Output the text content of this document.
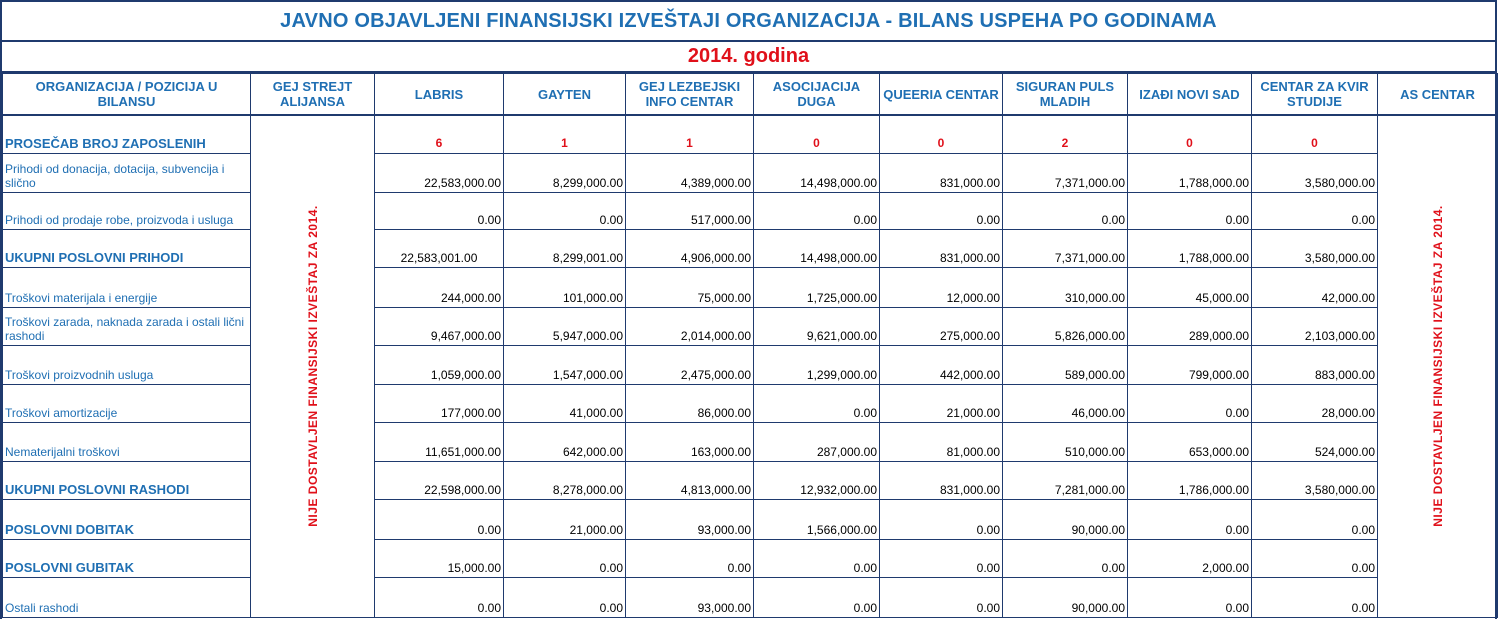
JAVNO OBJAVLJENI FINANSIJSKI IZVEŠTAJI ORGANIZACIJA - BILANS USPEHA PO GODINAMA
2014. godina
ORGANIZACIJA / POZICIJA U BILANSU	GEJ STREJT ALIJANSA	LABRIS	GAYTEN	GEJ LEZBEJSKI INFO CENTAR	ASOCIJACIJA DUGA	QUEERIA CENTAR	SIGURAN PULS MLADIH	IZAĐI NOVI SAD	CENTAR ZA KVIR STUDIJE	AS CENTAR
PROSEČAB BROJ ZAPOSLENIH	NIJE DOSTAVLJEN FINANSIJSKI IZVEŠTAJ ZA 2014.	6	1	1	0	0	2	0	0	NIJE DOSTAVLJEN FINANSIJSKI IZVEŠTAJ ZA 2014.

Prihodi od donacija, dotacija, subvencija i slično		22,583,000.00	8,299,000.00	4,389,000.00	14,498,000.00	831,000.00	7,371,000.00	1,788,000.00	3,580,000.00	
Prihodi od prodaje robe, proizvoda i usluga		0.00	0.00	517,000.00	0.00	0.00	0.00	0.00	0.00	
UKUPNI POSLOVNI PRIHODI		22,583,001.00	8,299,001.00	4,906,000.00	14,498,000.00	831,000.00	7,371,000.00	1,788,000.00	3,580,000.00	
Troškovi materijala i energije		244,000.00	101,000.00	75,000.00	1,725,000.00	12,000.00	310,000.00	45,000.00	42,000.00	
Troškovi zarada, naknada zarada i ostali lični rashodi		9,467,000.00	5,947,000.00	2,014,000.00	9,621,000.00	275,000.00	5,826,000.00	289,000.00	2,103,000.00	
Troškovi proizvodnih usluga		1,059,000.00	1,547,000.00	2,475,000.00	1,299,000.00	442,000.00	589,000.00	799,000.00	883,000.00	
Troškovi amortizacije		177,000.00	41,000.00	86,000.00	0.00	21,000.00	46,000.00	0.00	28,000.00	
Nematerijalni troškovi		11,651,000.00	642,000.00	163,000.00	287,000.00	81,000.00	510,000.00	653,000.00	524,000.00	
UKUPNI POSLOVNI RASHODI		22,598,000.00	8,278,000.00	4,813,000.00	12,932,000.00	831,000.00	7,281,000.00	1,786,000.00	3,580,000.00	
POSLOVNI DOBITAK		0.00	21,000.00	93,000.00	1,566,000.00	0.00	90,000.00	0.00	0.00	
POSLOVNI GUBITAK		15,000.00	0.00	0.00	0.00	0.00	0.00	2,000.00	0.00	
Ostali rashodi		0.00	0.00	93,000.00	0.00	0.00	90,000.00	0.00	0.00	
